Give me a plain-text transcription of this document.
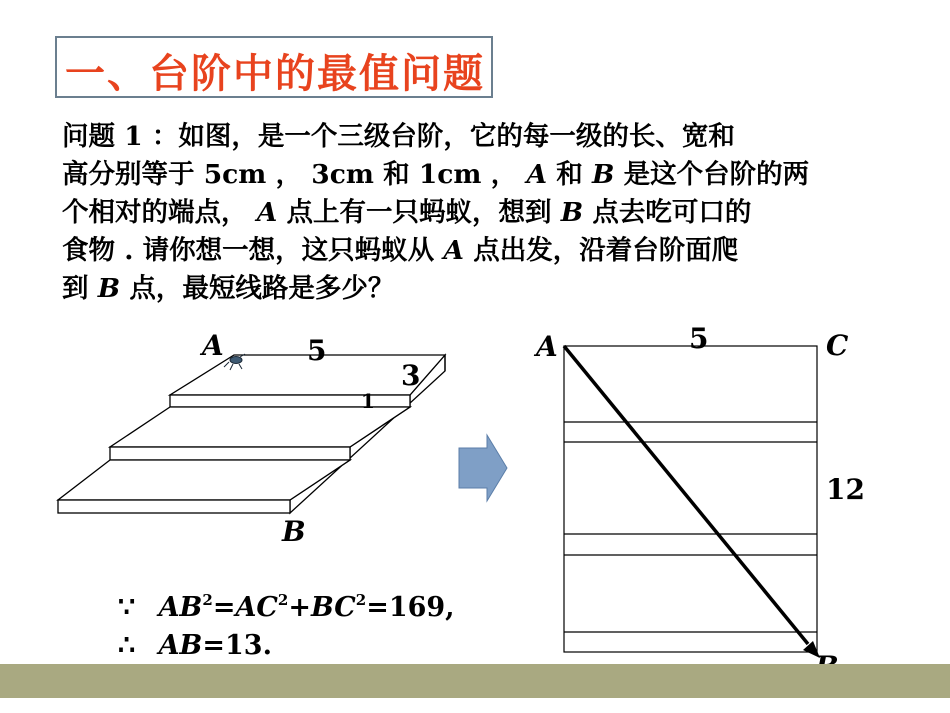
一、台阶中的最值问题

问题 1 ：如图，是一个三级台阶，它的每一级的长、宽和

高分别等于 5cm ， 3cm 和 1cm ， A 和 B 是这个台阶的两

个相对的端点， A 点上有一只蚂蚁，想到 B 点去吃可口的

食物 . 请你想一想，这只蚂蚁从 A 点出发，沿着台阶面爬

到 B 点，最短线路是多少？

A	5
3
1
B
A	5	C
12
∵ $AB^2=AC^2+BC^2=169$,
∴ AB=13.
